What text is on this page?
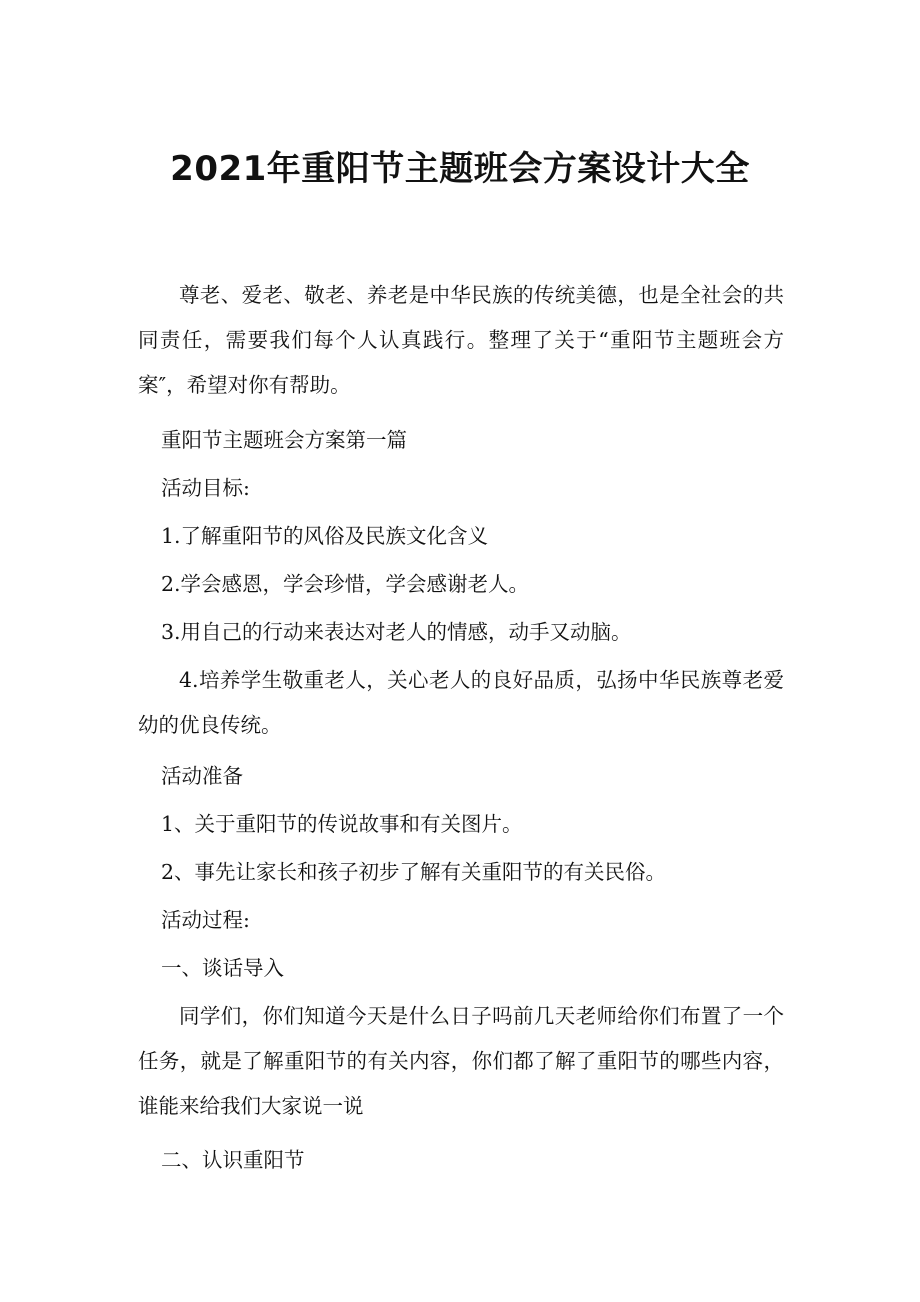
2021年重阳节主题班会方案设计大全

尊老、爱老、敬老、养老是中华民族的传统美德，也是全社会的共同责任，需要我们每个人认真践行。整理了关于“重阳节主题班会方案″，希望对你有帮助。

重阳节主题班会方案第一篇

活动目标:

1.了解重阳节的风俗及民族文化含义

2.学会感恩，学会珍惜，学会感谢老人。

3.用自己的行动来表达对老人的情感，动手又动脑。

4.培养学生敬重老人，关心老人的良好品质，弘扬中华民族尊老爱幼的优良传统。

活动准备

1、关于重阳节的传说故事和有关图片。

2、事先让家长和孩子初步了解有关重阳节的有关民俗。

活动过程:

一、谈话导入

同学们，你们知道今天是什么日子吗前几天老师给你们布置了一个任务，就是了解重阳节的有关内容，你们都了解了重阳节的哪些内容，谁能来给我们大家说一说

二、认识重阳节
